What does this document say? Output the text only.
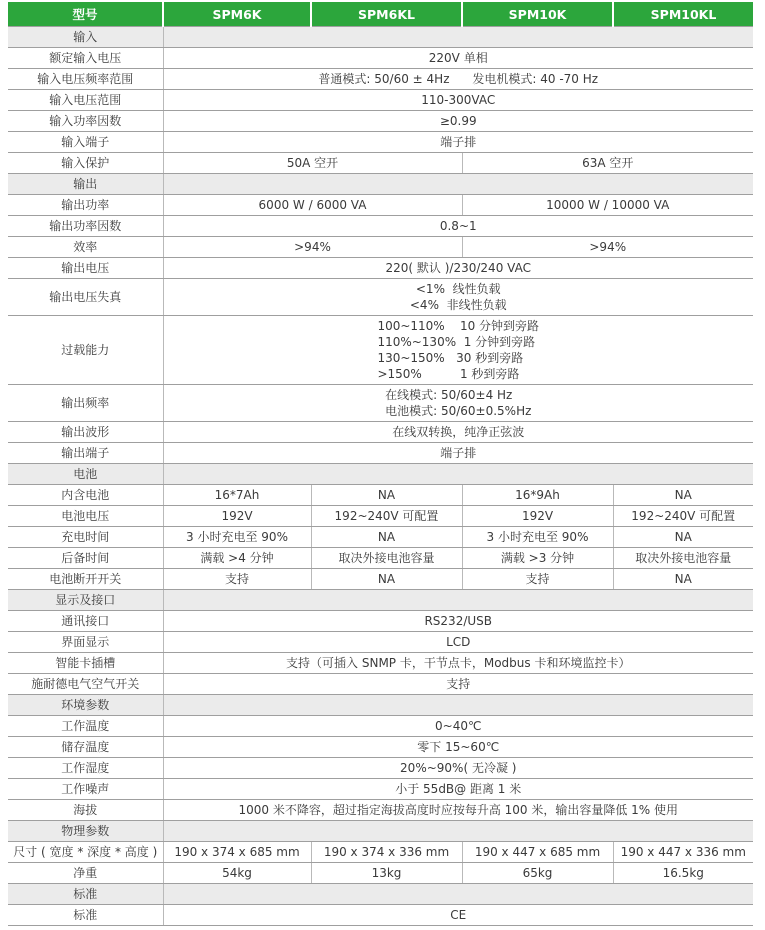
型号	SPM6K	SPM6KL	SPM10K	SPM10KL
输入				
额定输入电压	220V 单相			
输入电压频率范围	普通模式: 50/60 ± 4Hz      发电机模式: 40 -70 Hz			
输入电压范围	110-300VAC			
输入功率因数	≥0.99			
输入端子	端子排			
输入保护	50A 空开		63A 空开	
输出				
输出功率	6000 W / 6000 VA		10000 W / 10000 VA	
输出功率因数	0.8~1			
效率	>94%		>94%	
输出电压	220( 默认 )/230/240 VAC			
输出电压失真	<1%  线性负载
<4%  非线性负载			

过载能力	100~110%    10 分钟到旁路
110%~130%  1 分钟到旁路
130~150%   30 秒到旁路
>150%          1 秒到旁路			

输出频率	在线模式: 50/60±4 Hz
电池模式: 50/60±0.5%Hz			

输出波形	在线双转换，纯净正弦波			
输出端子	端子排			
电池				
内含电池	16*7Ah	NA	16*9Ah	NA
电池电压	192V	192~240V 可配置	192V	192~240V 可配置
充电时间	3 小时充电至 90%	NA	3 小时充电至 90%	NA
后备时间	满载 >4 分钟	取决外接电池容量	满载 >3 分钟	取决外接电池容量
电池断开开关	支持	NA	支持	NA
显示及接口				
通讯接口	RS232/USB			
界面显示	LCD			
智能卡插槽	支持（可插入 SNMP 卡，干节点卡，Modbus 卡和环境监控卡）			
施耐德电气空气开关	支持			
环境参数				
工作温度	0~40℃			
储存温度	零下 15~60℃			
工作湿度	20%~90%( 无冷凝 )			
工作噪声	小于 55dB@ 距离 1 米			
海拔	1000 米不降容，超过指定海拔高度时应按每升高 100 米，输出容量降低 1% 使用			
物理参数				
尺寸 ( 宽度 * 深度 * 高度 )	190 x 374 x 685 mm	190 x 374 x 336 mm	190 x 447 x 685 mm	190 x 447 x 336 mm
净重	54kg	13kg	65kg	16.5kg
标准				
标准	CE			
